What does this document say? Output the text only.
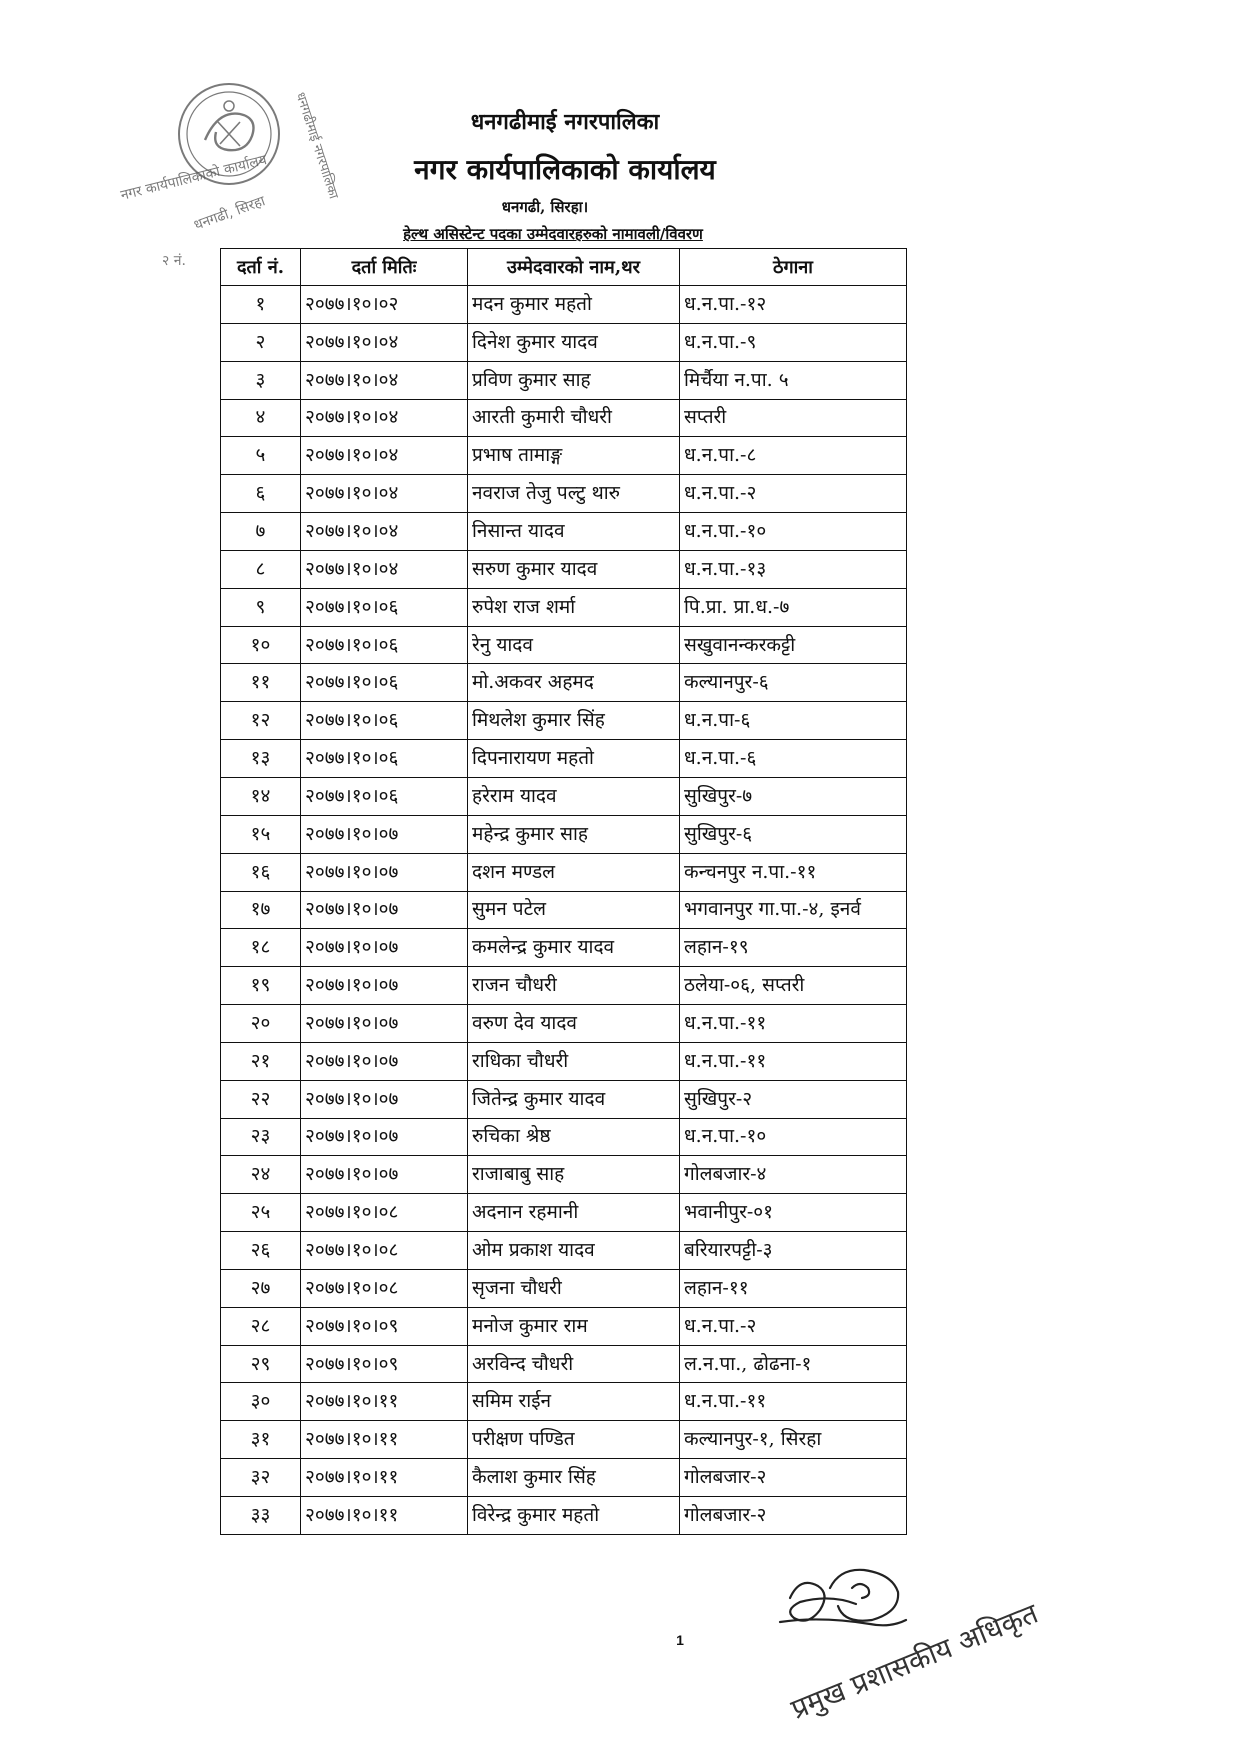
धनगढीमाई नगरपालिका
नगर कार्यपालिकाको कार्यालय
धनगढी, सिरहा
२ नं.
धनगढीमाई नगरपालिका
नगर कार्यपालिकाको कार्यालय
धनगढी, सिरहा।
हेल्थ असिस्टेन्ट पदका उम्मेदवारहरुको नामावली/विवरण
दर्ता नं.	दर्ता मितिः	उम्मेदवारको नाम,थर	ठेगाना
१	२०७७।१०।०२	मदन कुमार महतो	ध.न.पा.-१२
२	२०७७।१०।०४	दिनेश कुमार यादव	ध.न.पा.-९
३	२०७७।१०।०४	प्रविण कुमार साह	मिर्चैया न.पा. ५
४	२०७७।१०।०४	आरती कुमारी चौधरी	सप्तरी
५	२०७७।१०।०४	प्रभाष तामाङ्ग	ध.न.पा.-८
६	२०७७।१०।०४	नवराज तेजु पल्टु थारु	ध.न.पा.-२
७	२०७७।१०।०४	निसान्त यादव	ध.न.पा.-१०
८	२०७७।१०।०४	सरुण कुमार यादव	ध.न.पा.-१३
९	२०७७।१०।०६	रुपेश राज शर्मा	पि.प्रा. प्रा.ध.-७
१०	२०७७।१०।०६	रेनु यादव	सखुवानन्करकट्टी
११	२०७७।१०।०६	मो.अकवर अहमद	कल्यानपुर-६
१२	२०७७।१०।०६	मिथलेश कुमार सिंह	ध.न.पा-६
१३	२०७७।१०।०६	दिपनारायण महतो	ध.न.पा.-६
१४	२०७७।१०।०६	हरेराम यादव	सुखिपुर-७
१५	२०७७।१०।०७	महेन्द्र कुमार साह	सुखिपुर-६
१६	२०७७।१०।०७	दशन मण्डल	कन्चनपुर न.पा.-११
१७	२०७७।१०।०७	सुमन पटेल	भगवानपुर गा.पा.-४, इनर्व
१८	२०७७।१०।०७	कमलेन्द्र कुमार यादव	लहान-१९
१९	२०७७।१०।०७	राजन चौधरी	ठलेया-०६, सप्तरी
२०	२०७७।१०।०७	वरुण देव यादव	ध.न.पा.-११
२१	२०७७।१०।०७	राधिका चौधरी	ध.न.पा.-११
२२	२०७७।१०।०७	जितेन्द्र कुमार यादव	सुखिपुर-२
२३	२०७७।१०।०७	रुचिका श्रेष्ठ	ध.न.पा.-१०
२४	२०७७।१०।०७	राजाबाबु साह	गोलबजार-४
२५	२०७७।१०।०८	अदनान रहमानी	भवानीपुर-०१
२६	२०७७।१०।०८	ओम प्रकाश यादव	बरियारपट्टी-३
२७	२०७७।१०।०८	सृजना चौधरी	लहान-११
२८	२०७७।१०।०९	मनोज कुमार राम	ध.न.पा.-२
२९	२०७७।१०।०९	अरविन्द चौधरी	ल.न.पा., ढोढना-१
३०	२०७७।१०।११	समिम राईन	ध.न.पा.-११
३१	२०७७।१०।११	परीक्षण पण्डित	कल्यानपुर-१, सिरहा
३२	२०७७।१०।११	कैलाश कुमार सिंह	गोलबजार-२
३३	२०७७।१०।११	विरेन्द्र कुमार महतो	गोलबजार-२
1	प्रमुख प्रशासकीय अधिकृत
